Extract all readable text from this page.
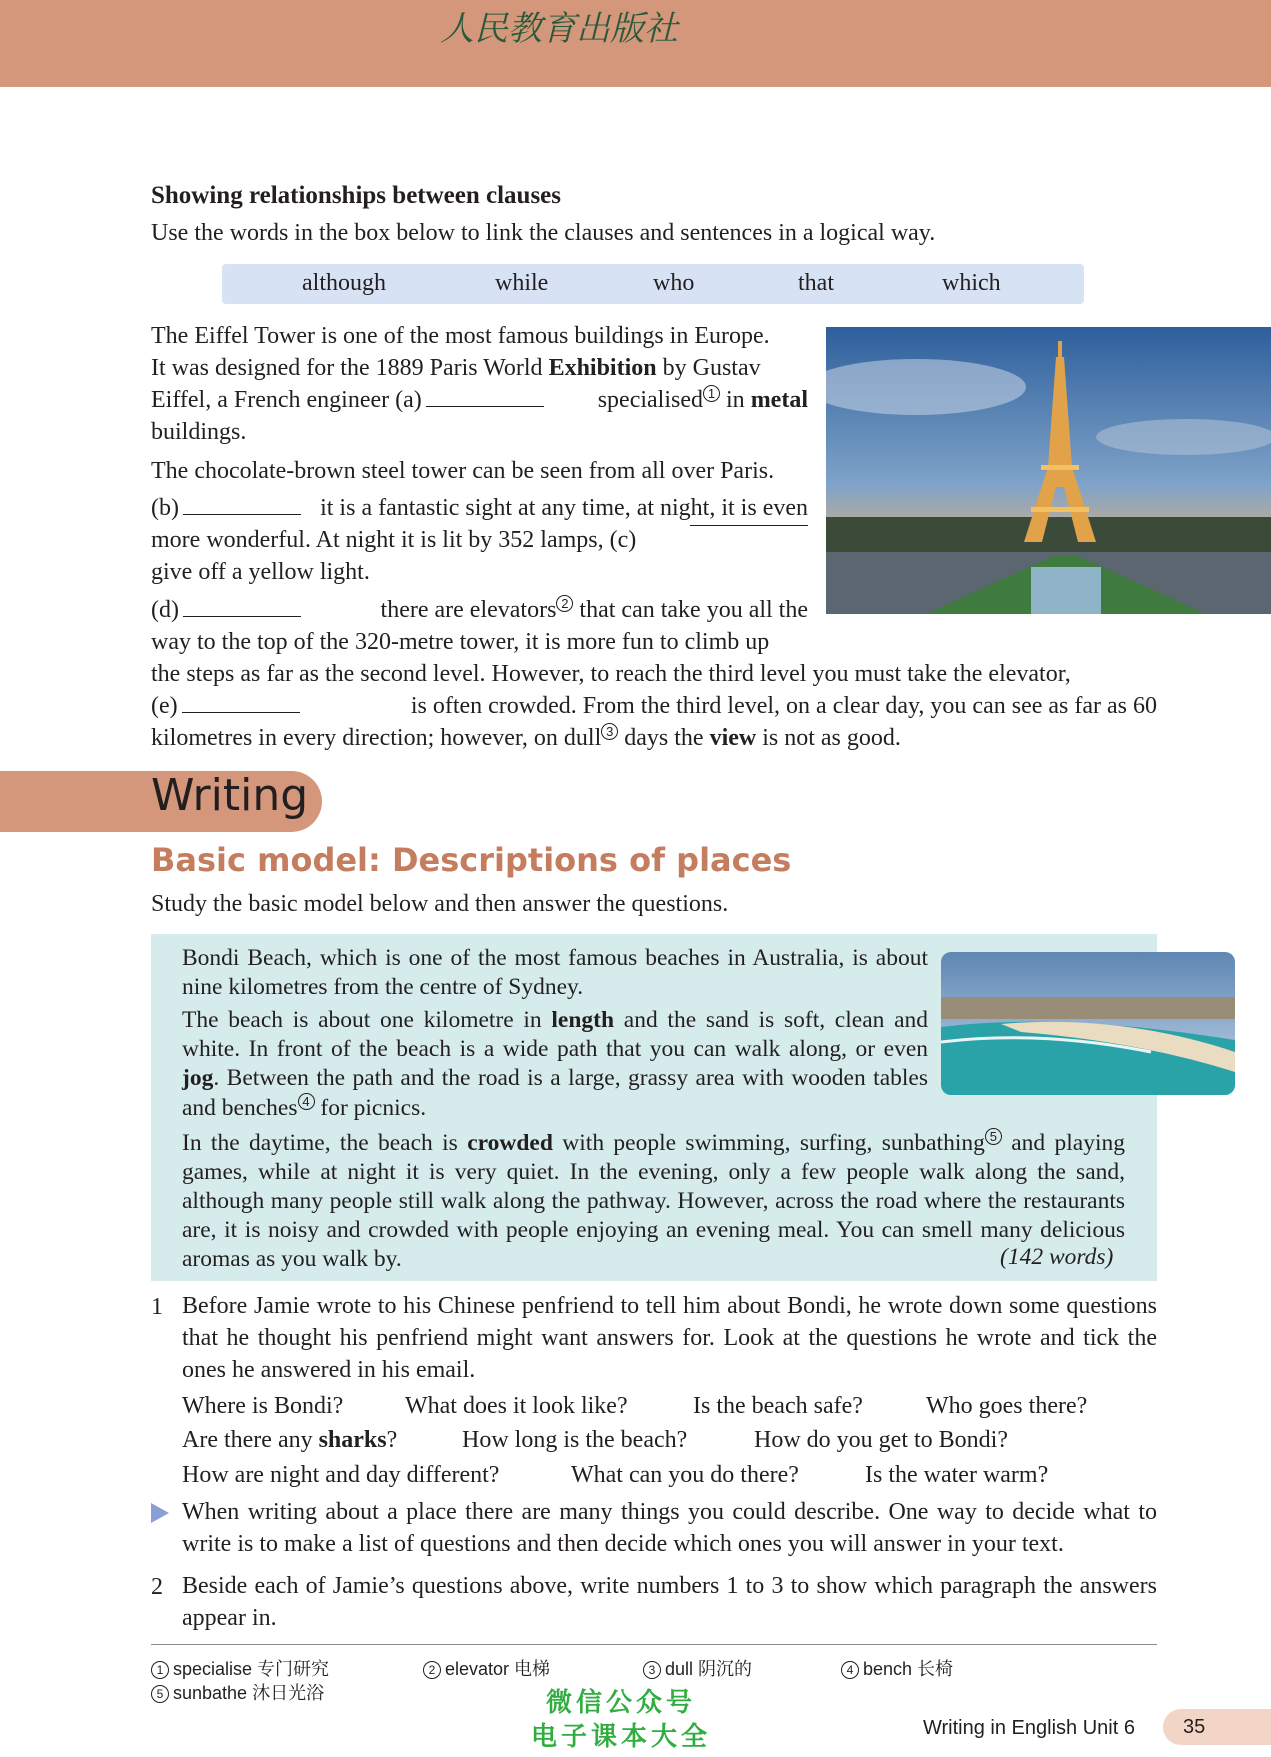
人民教育出版社
Showing relationships between clauses
Use the words in the box below to link the clauses and sentences in a logical way.
although	while	who	that	which
The Eiffel Tower is one of the most famous buildings in Europe.
It was designed for the 1889 Paris World Exhibition by Gustav
Eiffel, a French engineer (a)	specialised 1 in metal
buildings.
The chocolate-brown steel tower can be seen from all over Paris.
(b)	it is a fantastic sight at any time, at night, it is even
more wonderful. At night it is lit by 352 lamps, (c)
give off a yellow light.
(d)	there are elevators 2 that can take you all the
way to the top of the 320-metre tower, it is more fun to climb up
the steps as far as the second level. However, to reach the third level you must take the elevator,
(e)	is often crowded. From the third level, on a clear day, you can see as far as 60
kilometres in every direction; however, on dull 3 days the view is not as good.
Writing
Basic model: Descriptions of places
Study the basic model below and then answer the questions.
Bondi Beach, which is one of the most famous beaches in Australia, is about nine kilometres from the centre of Sydney.
The beach is about one kilometre in length and the sand is soft, clean and white. In front of the beach is a wide path that you can walk along, or even jog. Between the path and the road is a large, grassy area with wooden tables and benches 4 for picnics.
In the daytime, the beach is crowded with people swimming, surfing, sunbathing 5 and playing games, while at night it is very quiet. In the evening, only a few people walk along the sand, although many people still walk along the pathway. However, across the road where the restaurants are, it is noisy and crowded with people enjoying an evening meal. You can smell many delicious aromas as you walk by.	(142 words)
1 Before Jamie wrote to his Chinese penfriend to tell him about Bondi, he wrote down some questions that he thought his penfriend might want answers for. Look at the questions he wrote and tick the ones he answered in his email.
Where is Bondi?	What does it look like?	Is the beach safe?	Who goes there?
Are there any sharks?	How long is the beach?	How do you get to Bondi?
How are night and day different?	What can you do there?	Is the water warm?
When writing about a place there are many things you could describe. One way to decide what to write is to make a list of questions and then decide which ones you will answer in your text.
2 Beside each of Jamie’s questions above, write numbers 1 to 3 to show which paragraph the answers appear in.
1 specialise 专门研究	2 elevator 电梯	3 dull 阴沉的	4 bench 长椅
5 sunbathe 沐日光浴	微信公众号
电子课本大全	Writing in English Unit 6 35
